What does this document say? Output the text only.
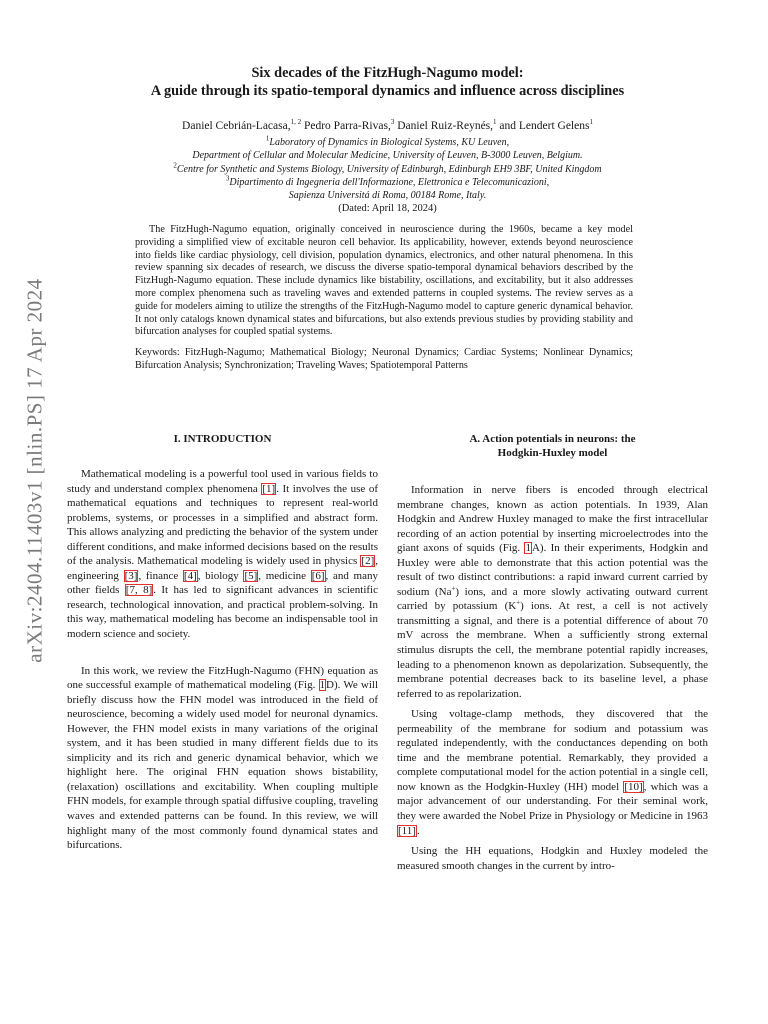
arXiv:2404.11403v1 [nlin.PS] 17 Apr 2024
Six decades of the FitzHugh-Nagumo model:
A guide through its spatio-temporal dynamics and influence across disciplines
Daniel Cebrián-Lacasa,$^{1, 2}$ Pedro Parra-Rivas,$^3$ Daniel Ruiz-Reynés,$^1$ and Lendert Gelens$^1$
$^1$Laboratory of Dynamics in Biological Systems, KU Leuven,
Department of Cellular and Molecular Medicine, University of Leuven, B-3000 Leuven, Belgium.
$^2$Centre for Synthetic and Systems Biology, University of Edinburgh, Edinburgh EH9 3BF, United Kingdom
$^3$Dipartimento di Ingegneria dell'Informazione, Elettronica e Telecomunicazioni,
Sapienza Universitá di Roma, 00184 Rome, Italy.
(Dated: April 18, 2024)
The FitzHugh-Nagumo equation, originally conceived in neuroscience during the 1960s, became a key model providing a simplified view of excitable neuron cell behavior. Its applicability, however, extends beyond neuroscience into fields like cardiac physiology, cell division, population dynamics, electronics, and other natural phenomena. In this review spanning six decades of research, we discuss the diverse spatio-temporal dynamical behaviors described by the FitzHugh-Nagumo equation. These include dynamics like bistability, oscillations, and excitability, but it also addresses more complex phenomena such as traveling waves and extended patterns in coupled systems. The review serves as a guide for modelers aiming to utilize the strengths of the FitzHugh-Nagumo model to capture generic dynamical behavior. It not only catalogs known dynamical states and bifurcations, but also extends previous studies by providing stability and bifurcation analyses for coupled spatial systems.
Keywords: FitzHugh-Nagumo; Mathematical Biology; Neuronal Dynamics; Cardiac Systems; Nonlinear Dynamics; Bifurcation Analysis; Synchronization; Traveling Waves; Spatiotemporal Patterns
I. INTRODUCTION

Mathematical modeling is a powerful tool used in various fields to study and understand complex phenomena [1]. It involves the use of mathematical equations and techniques to represent real-world problems, systems, or processes in a simplified and abstract form. This allows analyzing and predicting the behavior of the system under different conditions, and make informed decisions based on the results of the analysis. Mathematical modeling is widely used in physics [2], engineering [3], finance [4], biology [5], medicine [6], and many other fields [7, 8]. It has led to significant advances in scientific research, technological innovation, and practical problem-solving. In this way, mathematical modeling has become an indispensable tool in modern science and society.

In this work, we review the FitzHugh-Nagumo (FHN) equation as one successful example of mathematical modeling (Fig. 1D). We will briefly discuss how the FHN model was introduced in the field of neuroscience, becoming a widely used model for neuronal dynamics. However, the FHN model exists in many variations of the original system, and it has been studied in many different fields due to its simplicity and its rich and generic dynamical behavior, which we highlight here. The original FHN equation shows bistability, (relaxation) oscillations and excitability. When coupling multiple FHN models, for example through spatial diffusive coupling, traveling waves and extended patterns can be found. In this review, we will highlight many of the most commonly found dynamical states and bifurcations.

A. Action potentials in neurons: the
Hodgkin-Huxley model

Information in nerve fibers is encoded through electrical membrane changes, known as action potentials. In 1939, Alan Hodgkin and Andrew Huxley managed to make the first intracellular recording of an action potential by inserting microelectrodes into the giant axons of squids (Fig. 1A). In their experiments, Hodgkin and Huxley were able to demonstrate that this action potential was the result of two distinct contributions: a rapid inward current carried by sodium (Na+) ions, and a more slowly activating outward current carried by potassium (K+) ions. At rest, a cell is not actively transmitting a signal, and there is a potential difference of about 70 mV across the membrane. When a sufficiently strong external stimulus disrupts the cell, the membrane potential rapidly increases, leading to a phenomenon known as depolarization. Subsequently, the membrane potential decreases back to its baseline level, a phase referred to as repolarization.

Using voltage-clamp methods, they discovered that the permeability of the membrane for sodium and potassium was regulated independently, with the conductances depending on both time and the membrane potential. Remarkably, they provided a complete computational model for the action potential in a single cell, now known as the Hodgkin-Huxley (HH) model [10], which was a major advancement of our understanding. For their seminal work, they were awarded the Nobel Prize in Physiology or Medicine in 1963 [11].

Using the HH equations, Hodgkin and Huxley modeled the measured smooth changes in the current by intro-
